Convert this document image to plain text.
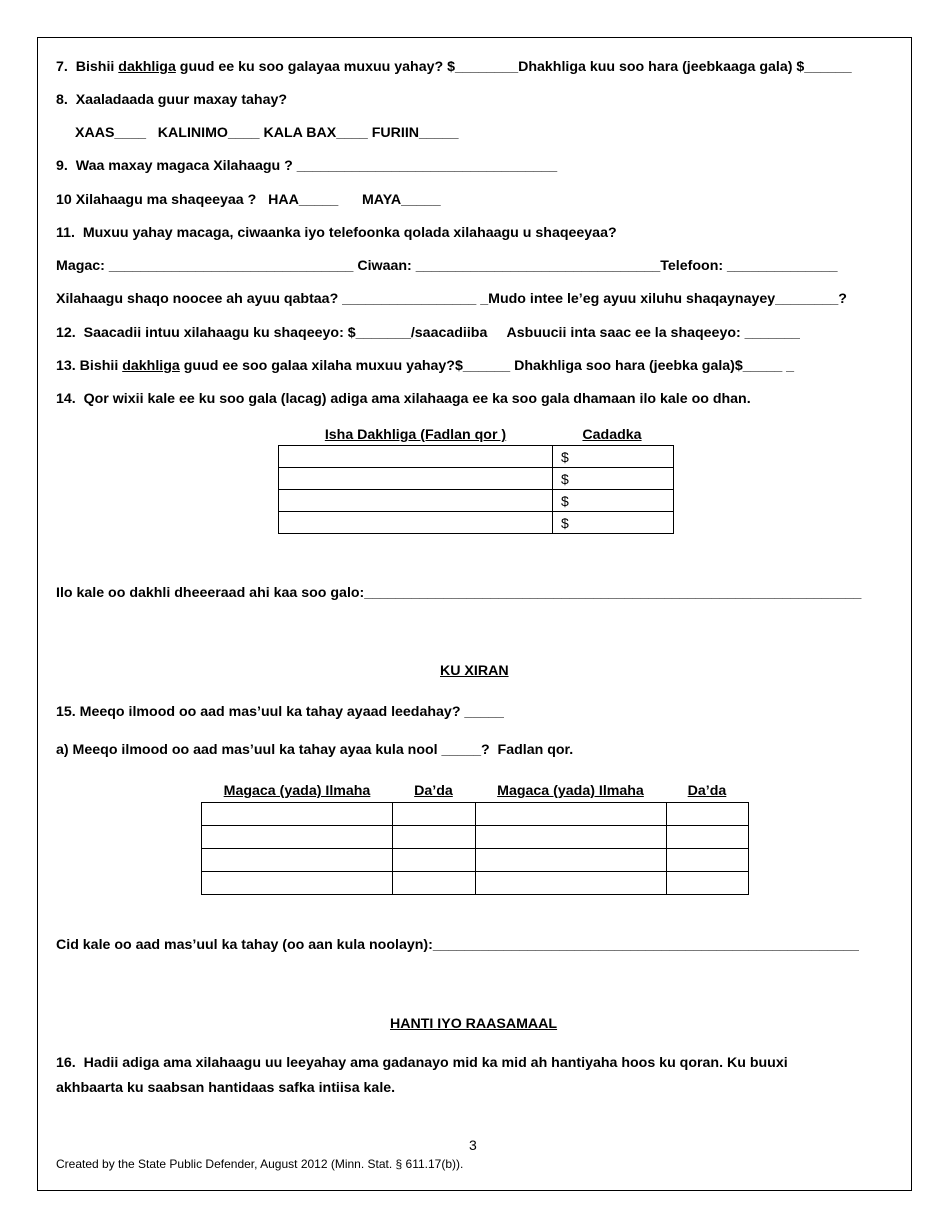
7.  Bishii dakhliga guud ee ku soo galayaa muxuu yahay? $________Dhakhliga kuu soo hara (jeebkaaga gala) $______
8.  Xaaladaada guur maxay tahay?
XAAS____   KALINIMO____ KALA BAX____ FURIIN_____
9.  Waa maxay magaca Xilahaagu ? _________________________________
10 Xilahaagu ma shaqeeyaa ?   HAA_____      MAYA_____
11.  Muxuu yahay macaga, ciwaanka iyo telefoonka qolada xilahaagu u shaqeeyaa?
Magac: _______________________________ Ciwaan: _______________________________Telefoon: ______________
Xilahaagu shaqo noocee ah ayuu qabtaa? _________________ _Mudo intee le’eg ayuu xiluhu shaqaynayey________?
12.  Saacadii intuu xilahaagu ku shaqeeyo: $_______/saacadiiba     Asbuucii inta saac ee la shaqeeyo: _______
13. Bishii dakhliga guud ee soo galaa xilaha muxuu yahay?$______ Dhakhliga soo hara (jeebka gala)$_____ _
14.  Qor wixii kale ee ku soo gala (lacag) adiga ama xilahaaga ee ka soo gala dhamaan ilo kale oo dhan.
Isha Dakhliga (Fadlan qor )	Cadadka
	$
	$
	$
	$
Ilo kale oo dakhli dheeeraad ahi kaa soo galo:_______________________________________________________________
KU XIRAN
15. Meeqo ilmood oo aad mas’uul ka tahay ayaad leedahay? _____
a) Meeqo ilmood oo aad mas’uul ka tahay ayaa kula nool _____?  Fadlan qor.
Magaca (yada) Ilmaha	Da’da	Magaca (yada) Ilmaha	Da’da

Cid kale oo aad mas’uul ka tahay (oo aan kula noolayn):______________________________________________________
HANTI IYO RAASAMAAL
16.  Hadii adiga ama xilahaagu uu leeyahay ama gadanayo mid ka mid ah hantiyaha hoos ku qoran. Ku buuxi
akhbaarta ku saabsan hantidaas safka intiisa kale.
3
Created by the State Public Defender, August 2012 (Minn. Stat. § 611.17(b)).
